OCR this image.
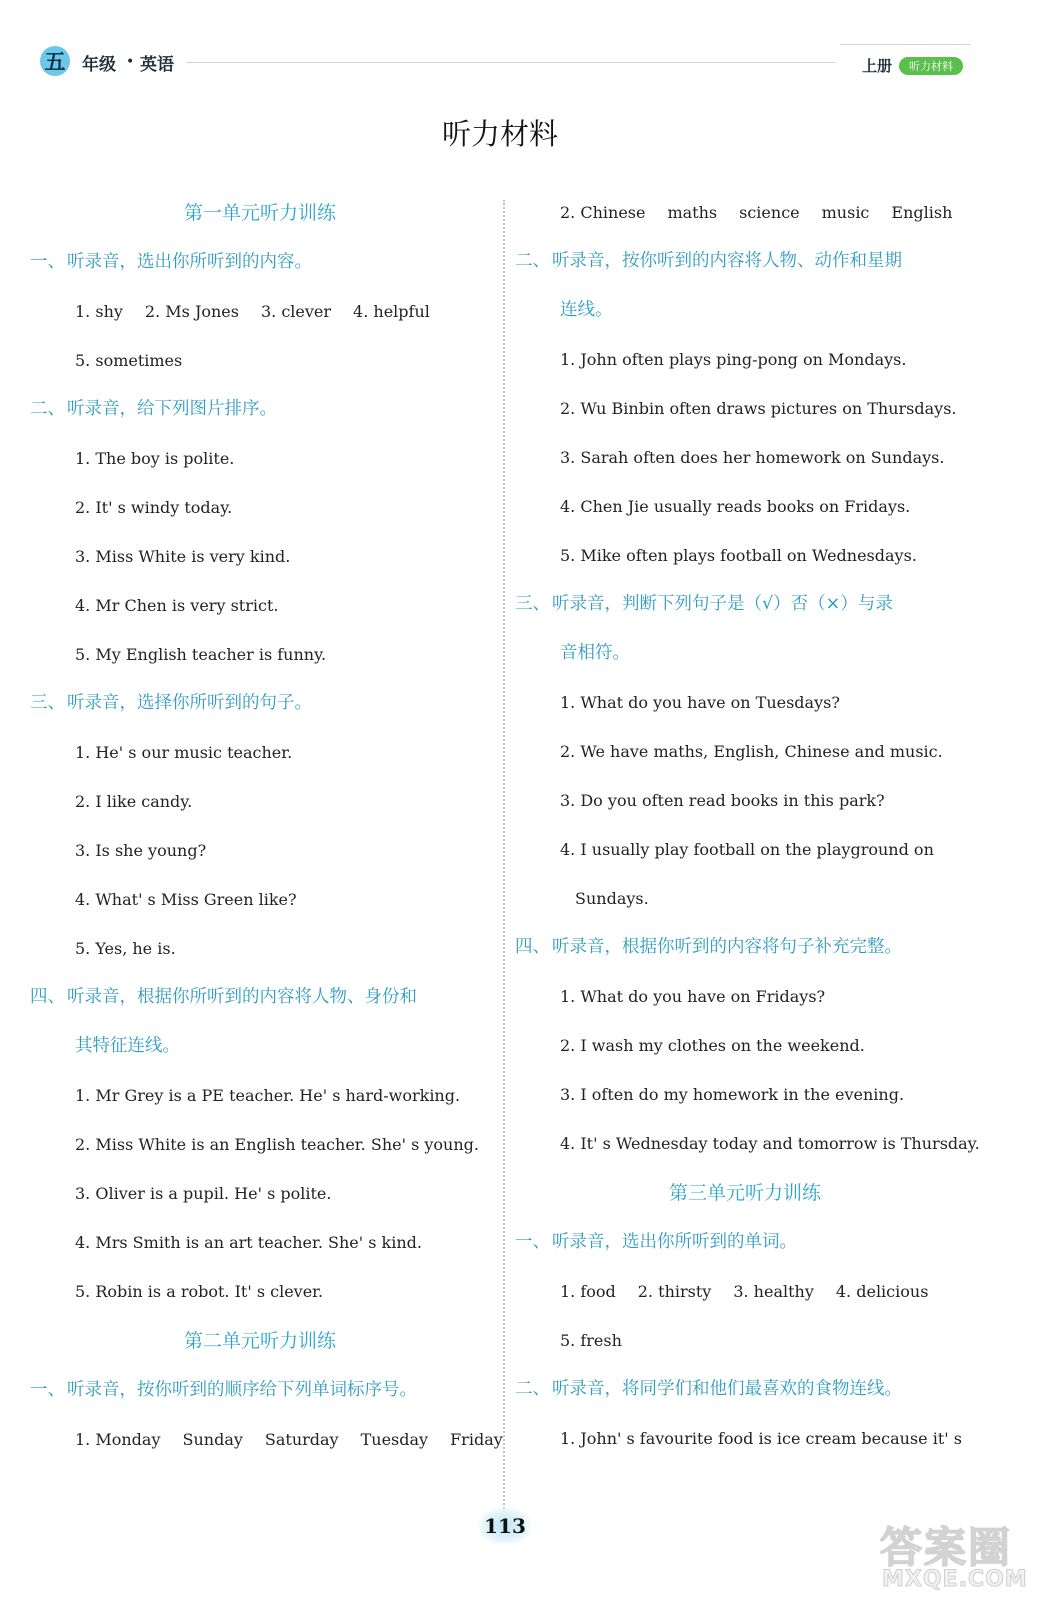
五 年级 • 英语	上册	听力材料
听力材料
第一单元听力训练
一、 听录音，选出你所听到的内容。
1. shy 2. Ms Jones 3. clever 4. helpful
5. sometimes
二、 听录音，给下列图片排序。
1. The boy is polite.
2. It' s windy today.
3. Miss White is very kind.
4. Mr Chen is very strict.
5. My English teacher is funny.
三、 听录音，选择你所听到的句子。
1. He' s our music teacher.
2. I like candy.
3. Is she young?
4. What' s Miss Green like?
5. Yes, he is.
四、 听录音，根据你所听到的内容将人物、身份和
其特征连线。
1. Mr Grey is a PE teacher. He' s hard-working.
2. Miss White is an English teacher. She' s young.
3. Oliver is a pupil. He' s polite.
4. Mrs Smith is an art teacher. She' s kind.
5. Robin is a robot. It' s clever.
第二单元听力训练
一、 听录音，按你听到的顺序给下列单词标序号。
1. Monday Sunday Saturday Tuesday Friday
2. Chinese maths science music English
二、 听录音，按你听到的内容将人物、动作和星期
连线。
1. John often plays ping-pong on Mondays.
2. Wu Binbin often draws pictures on Thursdays.
3. Sarah often does her homework on Sundays.
4. Chen Jie usually reads books on Fridays.
5. Mike often plays football on Wednesdays.
三、 听录音，判断下列句子是（√）否（×）与录
音相符。
1. What do you have on Tuesdays?
2. We have maths, English, Chinese and music.
3. Do you often read books in this park?
4. I usually play football on the playground on
Sundays.
四、 听录音，根据你听到的内容将句子补充完整。
1. What do you have on Fridays?
2. I wash my clothes on the weekend.
3. I often do my homework in the evening.
4. It' s Wednesday today and tomorrow is Thursday.
第三单元听力训练
一、 听录音，选出你所听到的单词。
1. food 2. thirsty 3. healthy 4. delicious
5. fresh
二、 听录音，将同学们和他们最喜欢的食物连线。
1. John' s favourite food is ice cream because it' s
113	答案圈
MXQE.COM
